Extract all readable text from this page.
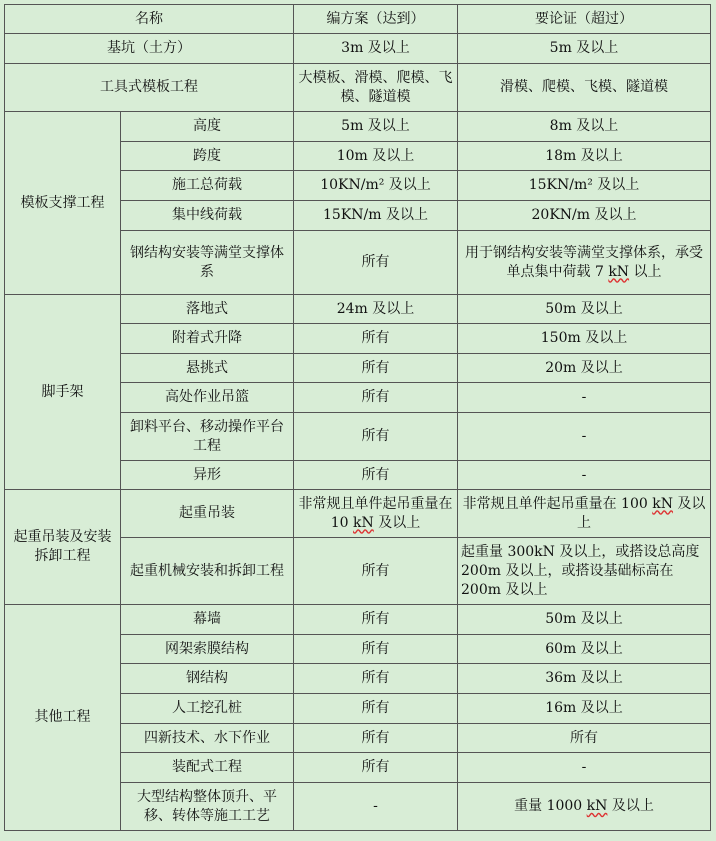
名称		编方案（达到）	要论证（超过）
基坑（土方）		3m 及以上	5m 及以上
工具式模板工程		大模板、滑模、爬模、飞模、隧道模	滑模、爬模、飞模、隧道模
模板支撑工程	高度	5m 及以上	8m 及以上
	跨度	10m 及以上	18m 及以上
	施工总荷载	10KN/m² 及以上	15KN/m² 及以上
	集中线荷载	15KN/m 及以上	20KN/m 及以上
	钢结构安装等满堂支撑体系	所有	用于钢结构安装等满堂支撑体系，承受单点集中荷载 7 kN 以上
脚手架	落地式	24m 及以上	50m 及以上
	附着式升降	所有	150m 及以上
	悬挑式	所有	20m 及以上
	高处作业吊篮	所有	-
	卸料平台、移动操作平台工程	所有	-
	异形	所有	-
起重吊装及安装拆卸工程	起重吊装	非常规且单件起吊重量在 10 kN 及以上	非常规且单件起吊重量在 100 kN 及以上
	起重机械安装和拆卸工程	所有	起重量 300kN 及以上，或搭设总高度 200m 及以上，或搭设基础标高在 200m 及以上
其他工程	幕墙	所有	50m 及以上
	网架索膜结构	所有	60m 及以上
	钢结构	所有	36m 及以上
	人工挖孔桩	所有	16m 及以上
	四新技术、水下作业	所有	所有
	装配式工程	所有	-
	大型结构整体顶升、平移、转体等施工工艺	-	重量 1000 kN 及以上
